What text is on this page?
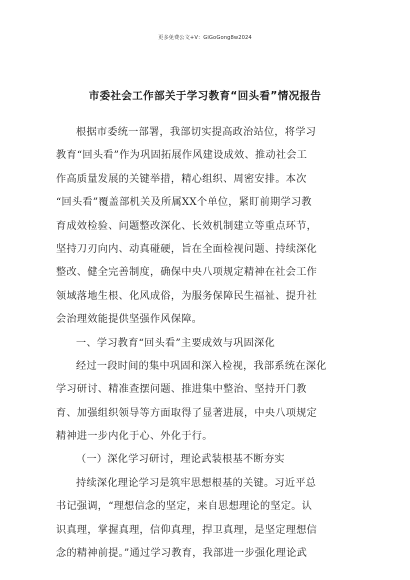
更多免费公文+V：GiGoGong8w2024
市委社会工作部关于学习教育“回头看”情况报告
根据市委统一部署，我部切实提高政治站位，将学习
教育“回头看”作为巩固拓展作风建设成效、推动社会工
作高质量发展的关键举措，精心组织、周密安排。本次
“回头看”覆盖部机关及所属XX个单位，紧盯前期学习教
育成效检验、问题整改深化、长效机制建立等重点环节，
坚持刀刃向内、动真碰硬，旨在全面检视问题、持续深化
整改、健全完善制度，确保中央八项规定精神在社会工作
领域落地生根、化风成俗，为服务保障民生福祉、提升社
会治理效能提供坚强作风保障。
一、学习教育“回头看”主要成效与巩固深化
经过一段时间的集中巩固和深入检视，我部系统在深化
学习研讨、精准查摆问题、推进集中整治、坚持开门教
育、加强组织领导等方面取得了显著进展，中央八项规定
精神进一步内化于心、外化于行。
（一）深化学习研讨，理论武装根基不断夯实
持续深化理论学习是筑牢思想根基的关键。习近平总
书记强调，“理想信念的坚定，来自思想理论的坚定。认
识真理，掌握真理，信仰真理，捍卫真理，是坚定理想信
念的精神前提。”通过学习教育，我部进一步强化理论武
